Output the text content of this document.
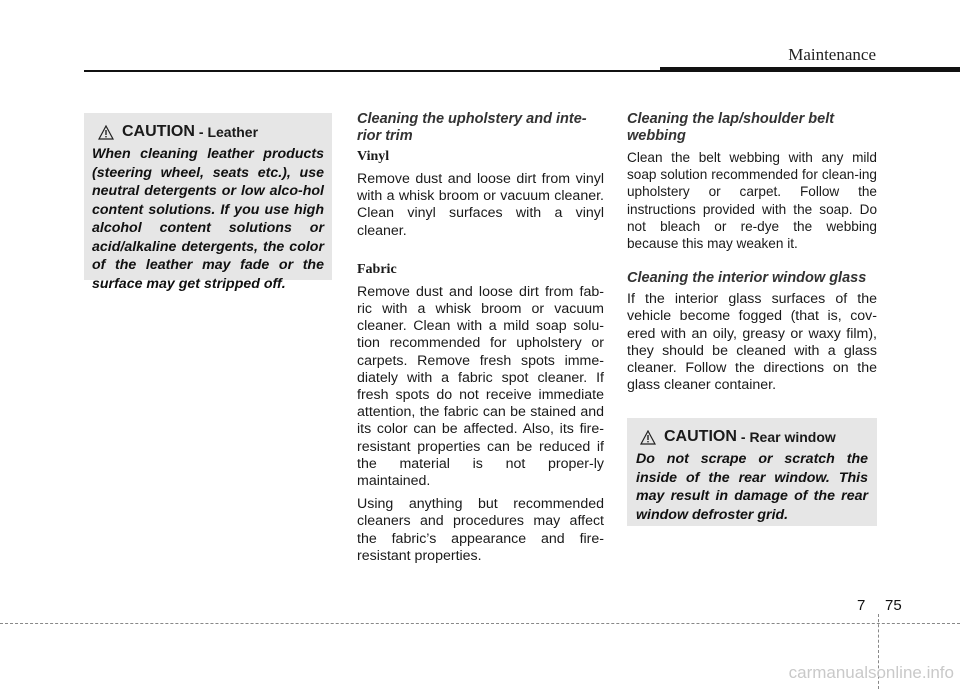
Maintenance
CAUTION - Leather
When cleaning leather products (steering wheel, seats etc.), use neutral detergents or low alco-hol content solutions. If you use high alcohol content solutions or acid/alkaline detergents, the color of the leather may fade or the surface may get stripped off.
Cleaning the upholstery and inte-rior trim
Vinyl

Remove dust and loose dirt from vinyl with a whisk broom or vacuum cleaner. Clean vinyl surfaces with a vinyl cleaner.

Fabric

Remove dust and loose dirt from fab-ric with a whisk broom or vacuum cleaner. Clean with a mild soap solu-tion recommended for upholstery or carpets. Remove fresh spots imme-diately with a fabric spot cleaner. If fresh spots do not receive immediate attention, the fabric can be stained and its color can be affected. Also, its fire-resistant properties can be reduced if the material is not proper-ly maintained.

Using anything but recommended cleaners and procedures may affect the fabric’s appearance and fire-resistant properties.

Cleaning the lap/shoulder belt webbing

Clean the belt webbing with any mild soap solution recommended for clean-ing upholstery or carpet. Follow the instructions provided with the soap. Do not bleach or re-dye the webbing because this may weaken it.

Cleaning the interior window glass

If the interior glass surfaces of the vehicle become fogged (that is, cov-ered with an oily, greasy or waxy film), they should be cleaned with a glass cleaner. Follow the directions on the glass cleaner container.

CAUTION - Rear window
Do not scrape or scratch the inside of the rear window. This may result in damage of the rear window defroster grid.
7 75
carmanualsonline.info
